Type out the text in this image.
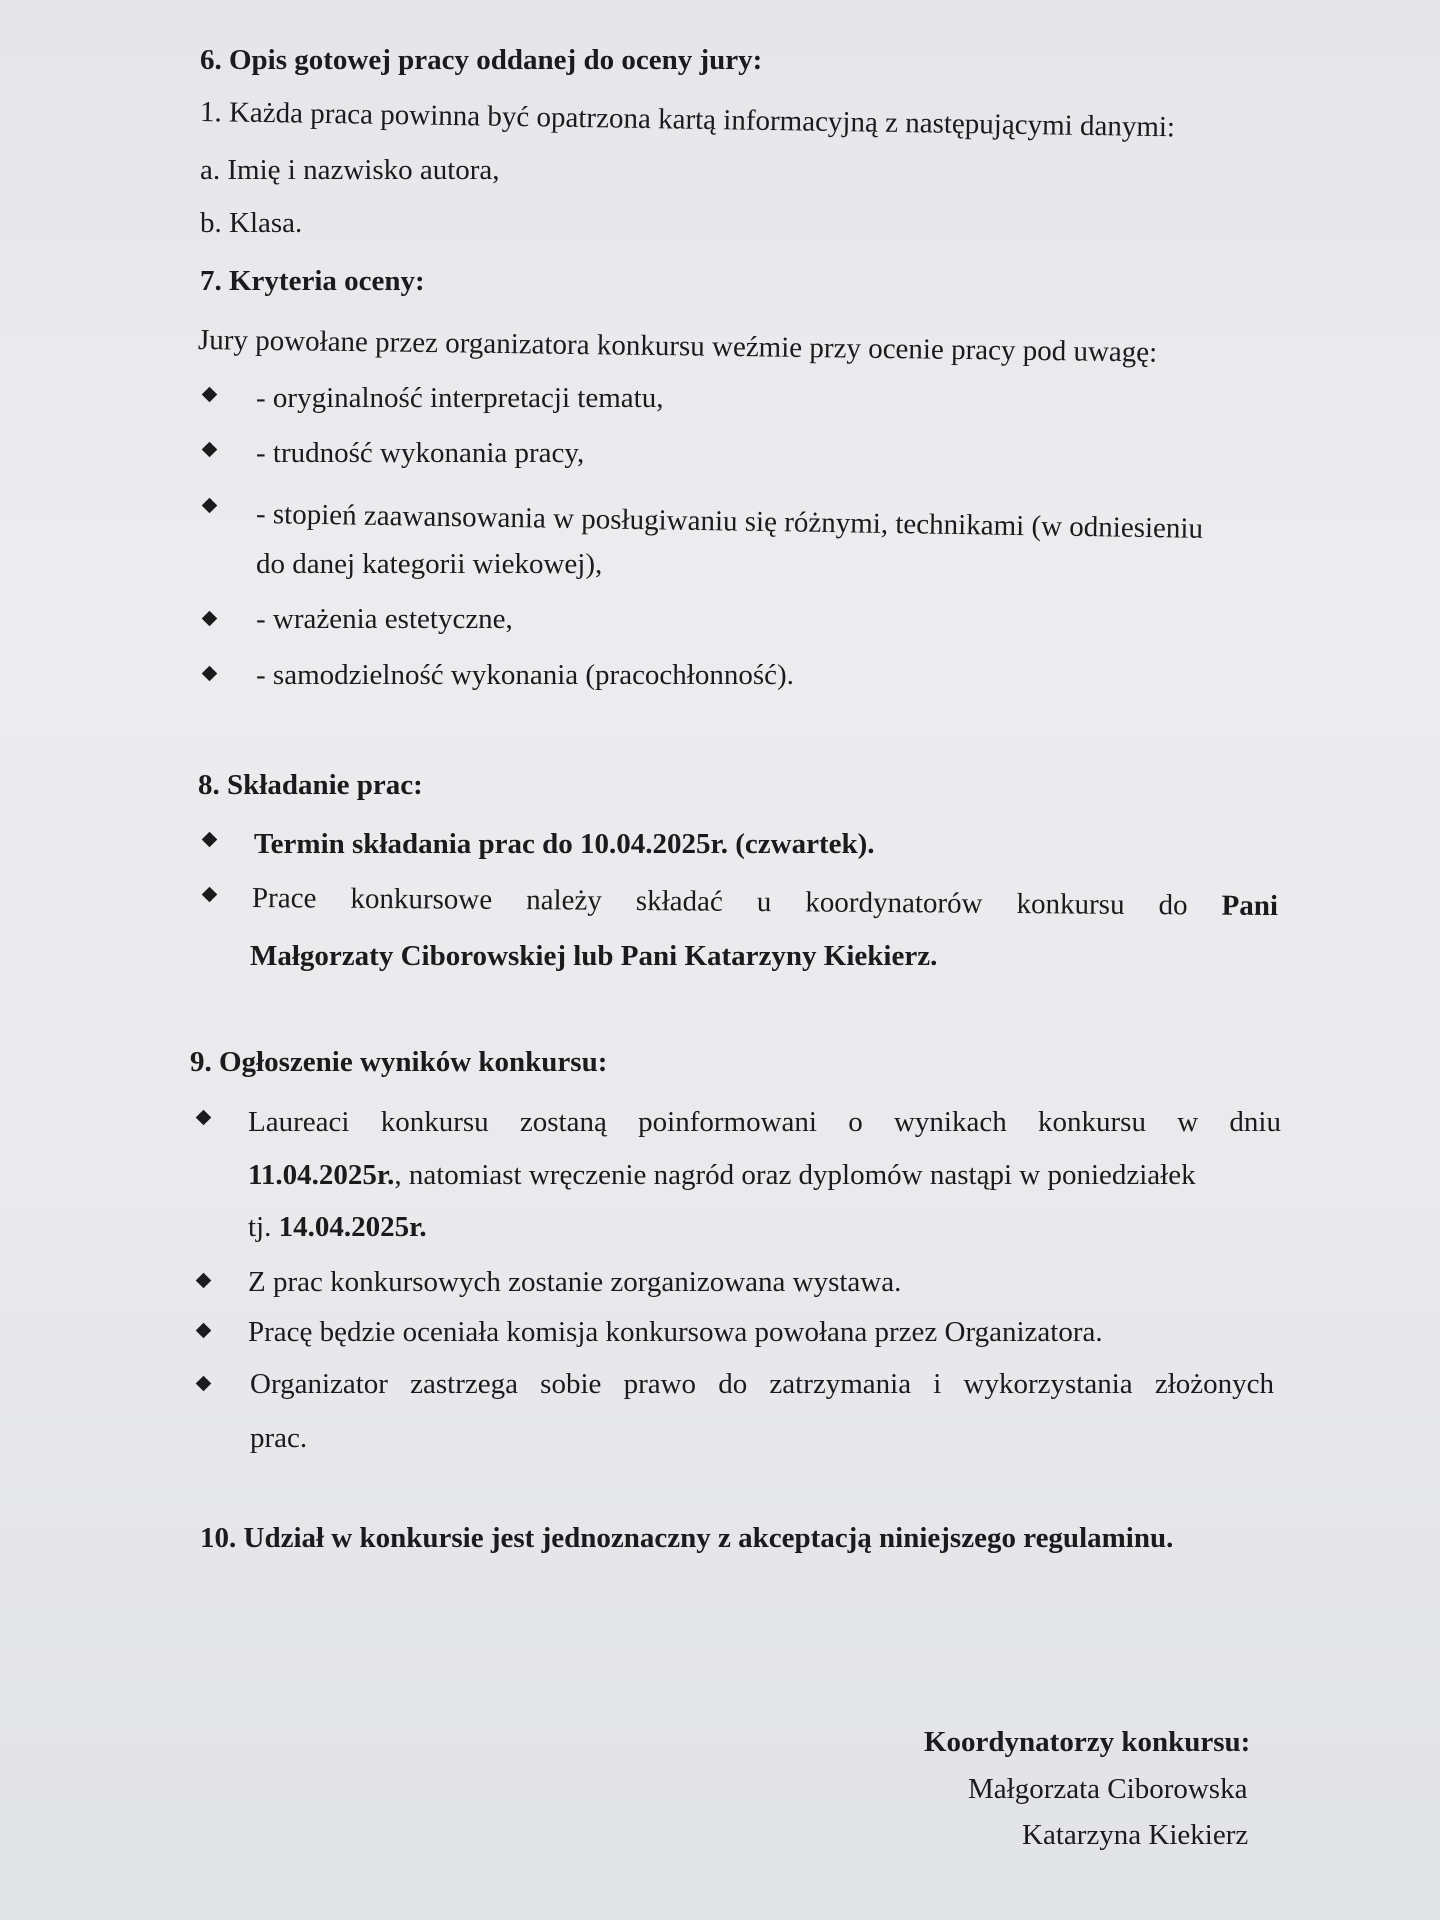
6. Opis gotowej pracy oddanej do oceny jury:
1. Każda praca powinna być opatrzona kartą informacyjną z następującymi danymi:
a. Imię i nazwisko autora,
b. Klasa.
7. Kryteria oceny:
Jury powołane przez organizatora konkursu weźmie przy ocenie pracy pod uwagę:
- oryginalność interpretacji tematu,
- trudność wykonania pracy,
- stopień zaawansowania w posługiwaniu się różnymi, technikami (w odniesieniu
do danej kategorii wiekowej),
- wrażenia estetyczne,
- samodzielność wykonania (pracochłonność).
8. Składanie prac:
Termin składania prac do 10.04.2025r. (czwartek).
Prace konkursowe należy składać u koordynatorów konkursu do Pani
Małgorzaty Ciborowskiej lub Pani Katarzyny Kiekierz.
9. Ogłoszenie wyników konkursu:
Laureaci konkursu zostaną poinformowani o wynikach konkursu w dniu
11.04.2025r., natomiast wręczenie nagród oraz dyplomów nastąpi w poniedziałek
tj. 14.04.2025r.
Z prac konkursowych zostanie zorganizowana wystawa.
Pracę będzie oceniała komisja konkursowa powołana przez Organizatora.
Organizator zastrzega sobie prawo do zatrzymania i wykorzystania złożonych
prac.
10. Udział w konkursie jest jednoznaczny z akceptacją niniejszego regulaminu.
Koordynatorzy konkursu:
Małgorzata Ciborowska
Katarzyna Kiekierz
